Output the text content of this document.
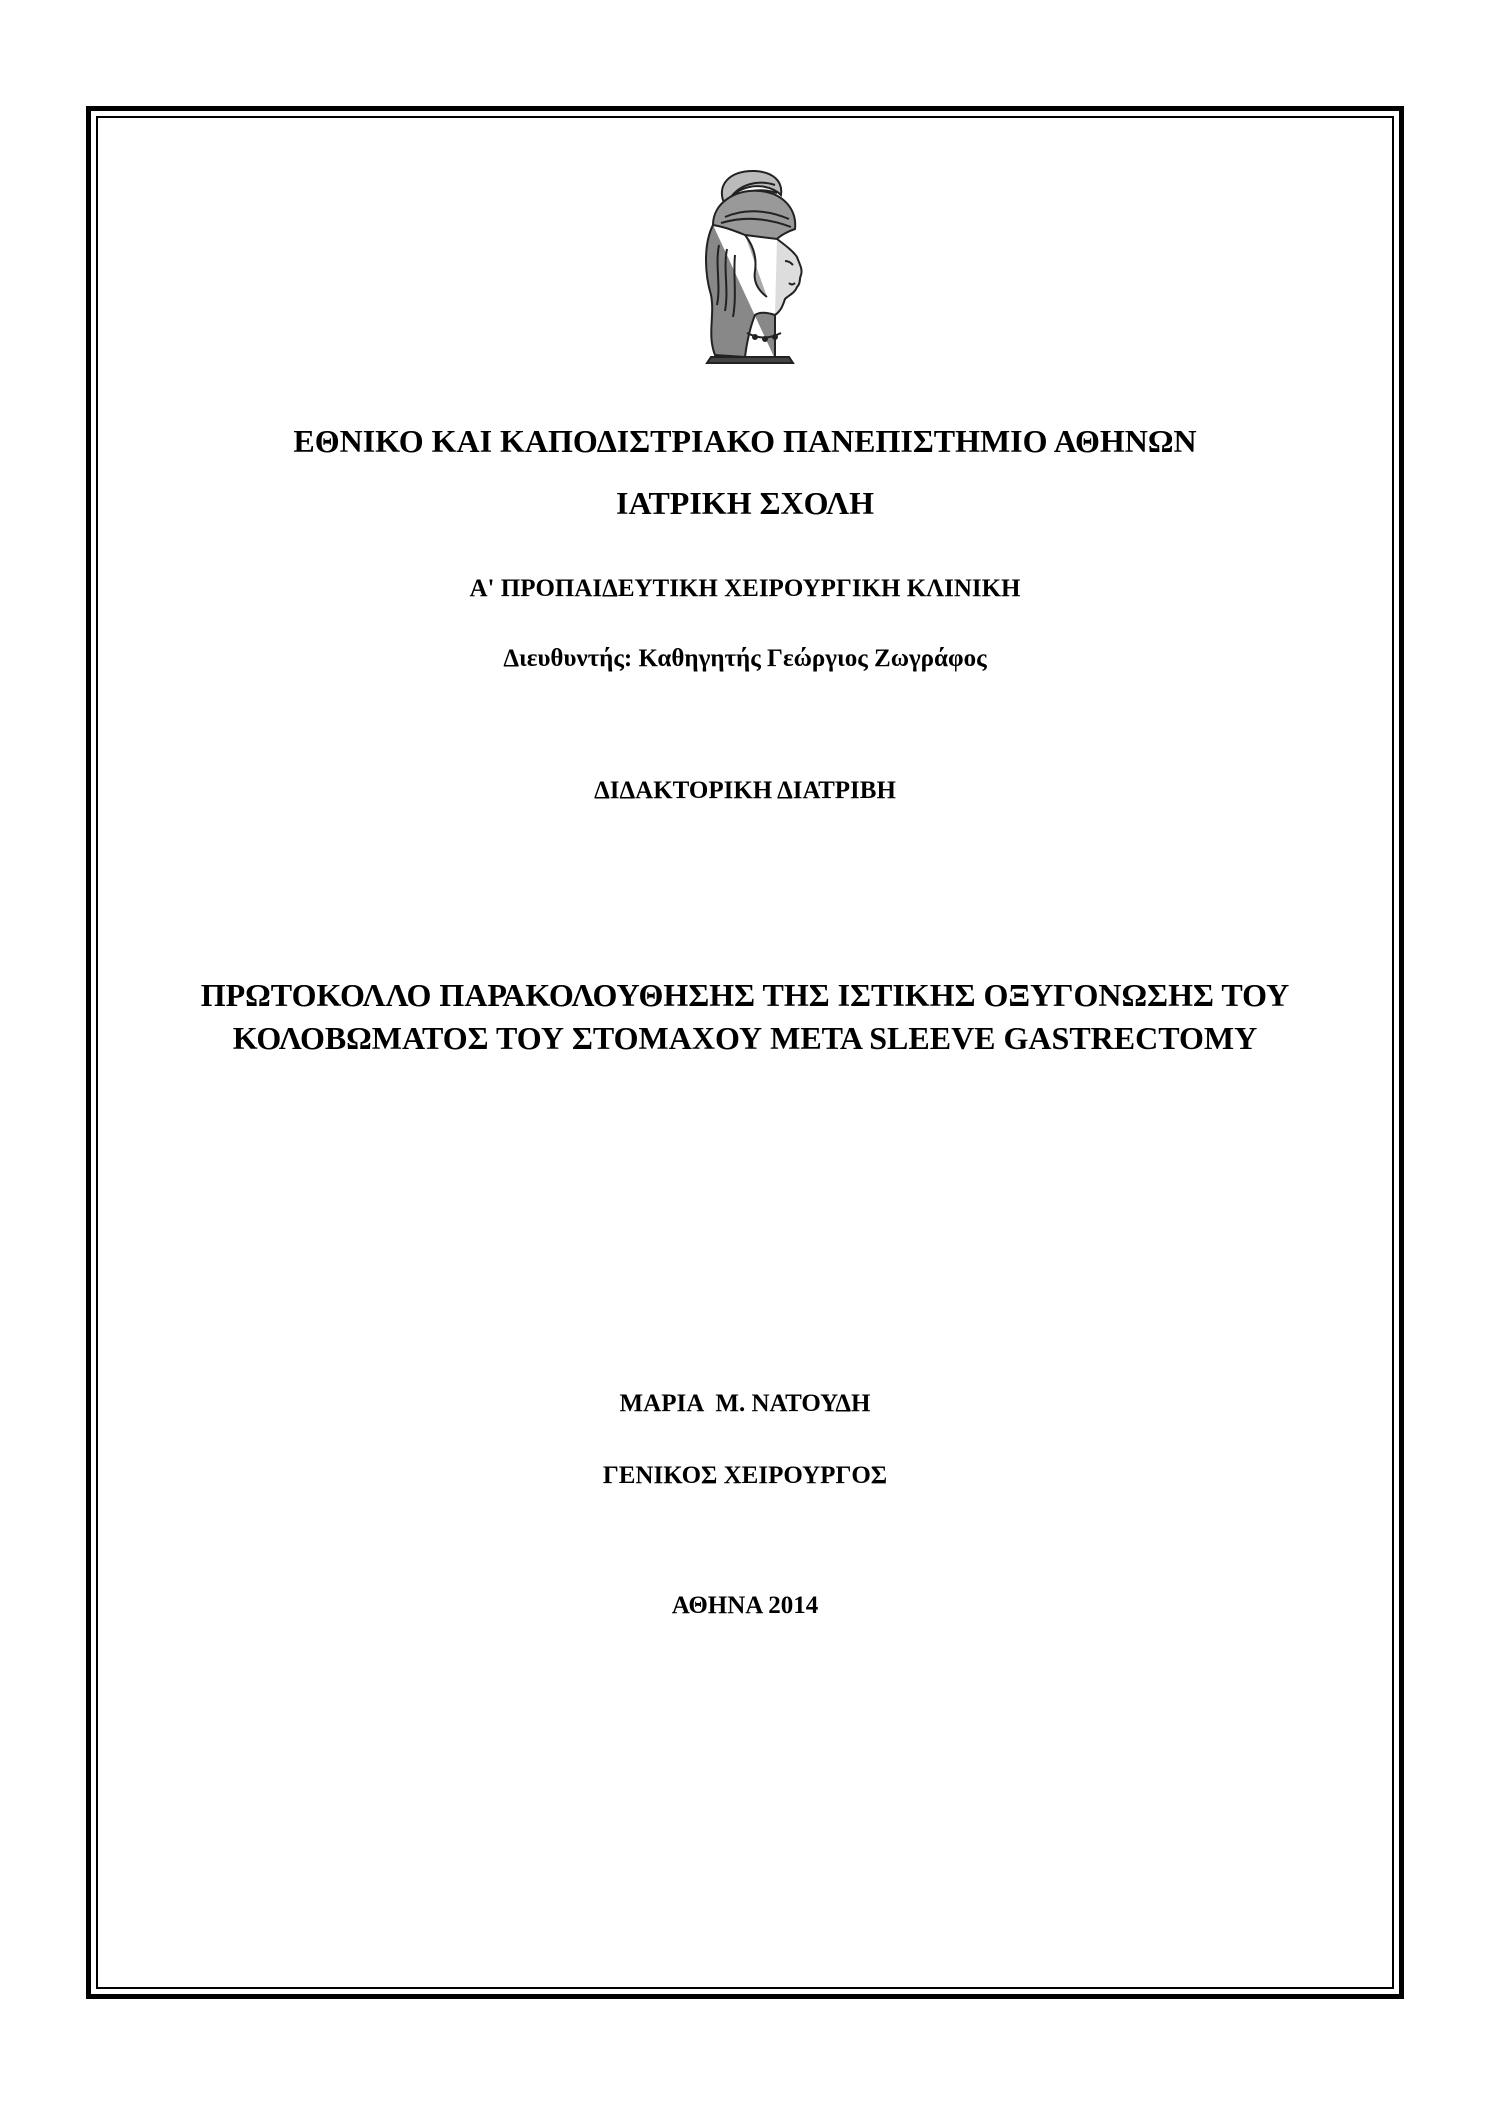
ΕΘΝΙΚΟ ΚΑΙ ΚΑΠΟΔΙΣΤΡΙΑΚΟ ΠΑΝΕΠΙΣΤΗΜΙΟ ΑΘΗΝΩΝ
ΙΑΤΡΙΚΗ ΣΧΟΛΗ
Α' ΠΡΟΠΑΙΔΕΥΤΙΚΗ ΧΕΙΡΟΥΡΓΙΚΗ ΚΛΙΝΙΚΗ
Διευθυντής: Καθηγητής Γεώργιος Ζωγράφος
ΔΙΔΑΚΤΟΡΙΚΗ ΔΙΑΤΡΙΒΗ
ΠΡΩΤΟΚΟΛΛΟ ΠΑΡΑΚΟΛΟΥΘΗΣΗΣ ΤΗΣ ΙΣΤΙΚΗΣ ΟΞΥΓΟΝΩΣΗΣ ΤΟΥ
ΚΟΛΟΒΩΜΑΤΟΣ ΤΟΥ ΣΤΟΜΑΧΟΥ ΜΕΤΑ SLEEVE GASTRECTOMY
ΜΑΡΙΑ  Μ. ΝΑΤΟΥΔΗ
ΓΕΝΙΚΟΣ ΧΕΙΡΟΥΡΓΟΣ
ΑΘΗΝΑ 2014
